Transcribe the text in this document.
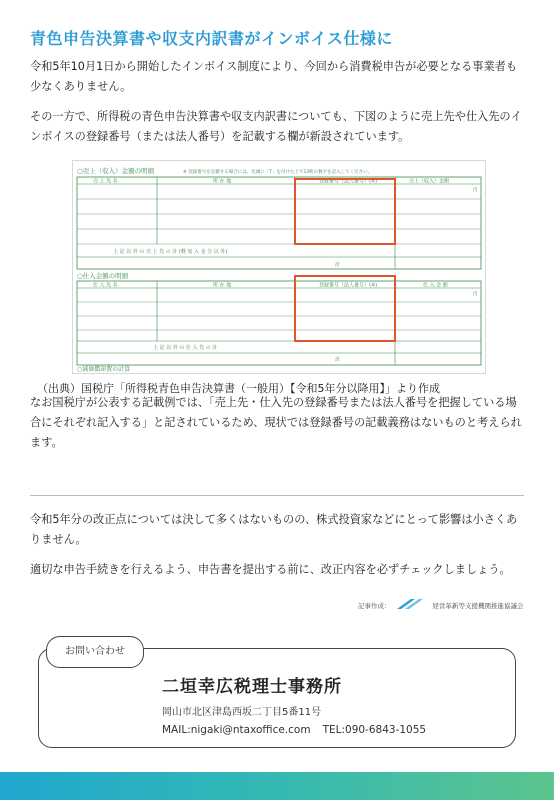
青色申告決算書や収支内訳書がインボイス仕様に
令和5年10月1日から開始したインボイス制度により、今回から消費税申告が必要となる事業者も少なくありません。
その一方で、所得税の青色申告決算書や収支内訳書についても、下図のように売上先や仕入先のインボイスの登録番号（または法人番号）を記載する欄が新設されています。
○売上（収入）金額の明細	※ 登録番号を記載する場合には、先頭に「T」を付けた上で13桁の数字を記入してください。
売 上 先 名	所 在 地	登録番号（法人番号）(※)	売上（収入）金額
円
上 記 以 外 の 売 上 先 の 計 (軽 収 入 金 分 以 外)
計
○仕入金額の明細
仕 入 先 名	所 在 地	登録番号（法人番号）(※)	仕 入 金 額
円
上 記 以 外 の 仕 入 先 の 計
計
○減価償却費の計算
（出典）国税庁「所得税青色申告決算書（一般用）【令和5年分以降用】」より作成
なお国税庁が公表する記載例では、「売上先・仕入先の登録番号または法人番号を把握している場合にそれぞれ記入する」と記されているため、現状では登録番号の記載義務はないものと考えられます。
令和5年分の改正点については決して多くはないものの、株式投資家などにとって影響は小さくありません。
適切な申告手続きを行えるよう、申告書を提出する前に、改正内容を必ずチェックしましょう。
記事作成：	経営革新等支援機関推進協議会
お問い合わせ
二垣幸広税理士事務所
岡山市北区津島西坂二丁目5番11号
MAIL:nigaki@ntaxoffice.com TEL:090-6843-1055
